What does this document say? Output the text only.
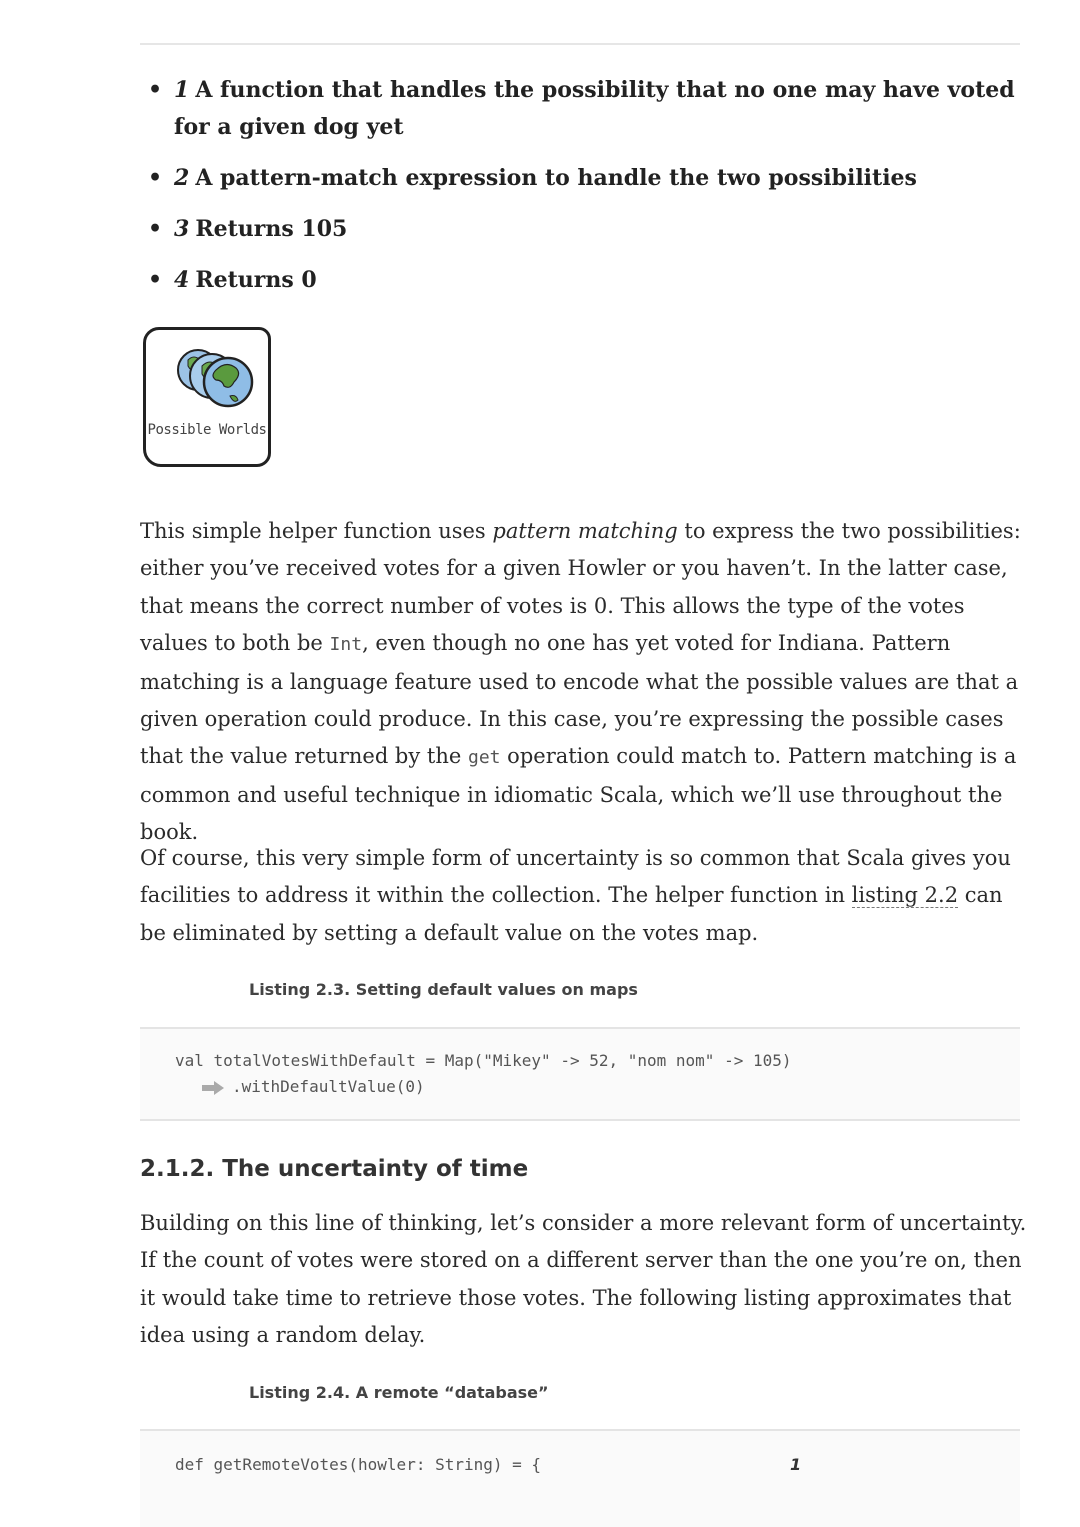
• 1 A function that handles the possibility that no one may have voted for a given dog yet
• 2 A pattern-match expression to handle the two possibilities
• 3 Returns 105
• 4 Returns 0
Possible Worlds

This simple helper function uses pattern matching to express the two possibilities: either you’ve received votes for a given Howler or you haven’t. In the latter case, that means the correct number of votes is 0. This allows the type of the votes values to both be Int, even though no one has yet voted for Indiana. Pattern matching is a language feature used to encode what the possible values are that a given operation could produce. In this case, you’re expressing the possible cases that the value returned by the get operation could match to. Pattern matching is a common and useful technique in idiomatic Scala, which we’ll use throughout the book.

Of course, this very simple form of uncertainty is so common that Scala gives you facilities to address it within the collection. The helper function in listing 2.2 can be eliminated by setting a default value on the votes map.

Listing 2.3. Setting default values on maps
val totalVotesWithDefault = Map("Mikey" -> 52, "nom nom" -> 105)
.withDefaultValue(0)
2.1.2. The uncertainty of time

Building on this line of thinking, let’s consider a more relevant form of uncertainty. If the count of votes were stored on a different server than the one you’re on, then it would take time to retrieve those votes. The following listing approximates that idea using a random delay.

Listing 2.4. A remote “database”
def getRemoteVotes(howler: String) = {	1
